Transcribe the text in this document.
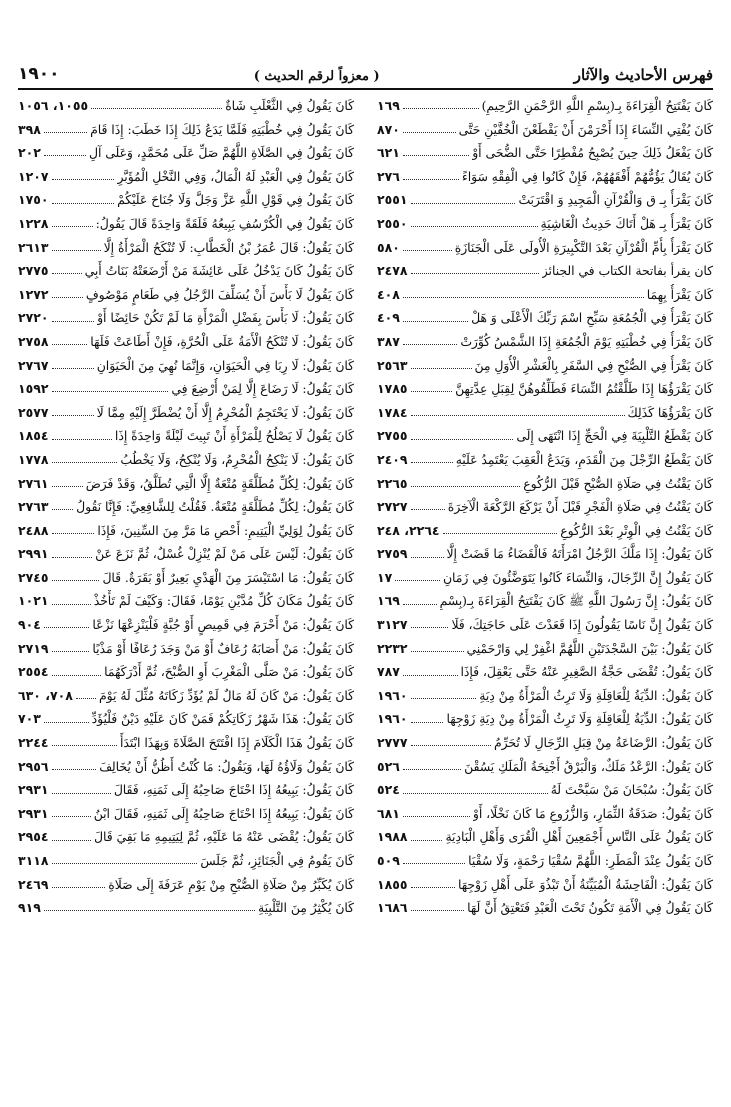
فهرس الأحاديث والآثار
( معزواً لرقم الحديث )
١٩٠٠
كَانَ يَفْتَتِحُ الْقِرَاءَةَ بِـ(بِسْمِ اللَّهِ الرَّحْمَنِ الرَّحِيمِ)
١٦٩
كَانَ يُفْتِي النِّسَاءَ إِذَا أَحْرَمْنَ أَنْ يَقْطَعْنَ الْخُفَّيْنِ حَتَّى
٨٧٠
كَانَ يَفْعَلُ ذَلِكَ حِينَ يُصْبِحُ مُفْطِرًا حَتَّى الضُّحَى أَوْ
٦٢١
كَانَ يُقَالُ يَؤُمُّهُمْ أَفْقَهُهُمْ، فَإِنْ كَانُوا فِي الْفِقْهِ سَوَاءً
٢٧٦
كَانَ يَقْرَأُ بِـ ق وَالْقُرْآنِ الْمَجِيدِ وَ اقْتَرَبَتْ
٢٥٥١
كَانَ يَقْرَأُ بِـ هَلْ أَتَاكَ حَدِيثُ الْغَاشِيَةِ
٢٥٥٠
كَانَ يَقْرَأُ بِأُمِّ الْقُرْآنِ بَعْدَ التَّكْبِيرَةِ الْأُولَى عَلَى الْجَنَازَةِ
٥٨٠
كان يقرأ بفاتحة الكتاب في الجنائز
٢٤٧٨
كَانَ يَقْرَأُ بِهِمَا
٤٠٨
كَانَ يَقْرَأُ فِي الْجُمُعَةِ سَبِّحِ اسْمَ رَبِّكَ الْأَعْلَى وَ هَلْ
٤٠٩
كَانَ يَقْرَأُ فِي خُطْبَتِهِ يَوْمَ الْجُمُعَةِ إِذَا الشَّمْسُ كُوِّرَتْ
٣٨٧
كَانَ يَقْرَأُ فِي الصُّبْحِ فِي السَّفَرِ بِالْعَشْرِ الْأُوَلِ مِنَ
٢٥٦٣
كَانَ يَقْرَؤُهَا إِذَا طَلَّقْتُمُ النِّسَاءَ فَطَلِّقُوهُنَّ لِقِبَلِ عِدَّتِهِنَّ
١٧٨٥
كَانَ يَقْرَؤُهَا كَذَلِكَ
١٧٨٤
كَانَ يَقْطَعُ التَّلْبِيَةَ فِي الْحَجِّ إِذَا انْتَهَى إِلَى
٢٧٥٥
كَانَ يَقْطَعُ الرِّجْلَ مِنَ الْقَدَمِ، وَيَدَعُ الْعَقِبَ يَعْتَمِدُ عَلَيْهِ
٢٤٠٩
كَانَ يَقْنُتُ فِي صَلَاةِ الصُّبْحِ قَبْلَ الرُّكُوعِ
٢٢٦٥
كَانَ يَقْنُتُ فِي صَلَاةِ الْفَجْرِ قَبْلَ أَنْ يَرْكَعَ الرَّكْعَةَ الْآخِرَةَ
٢٧٢٧
كَانَ يَقْنُتُ فِي الْوِتْرِ بَعْدَ الرُّكُوعِ
٢٢٦٤، ٢٤٨
كَانَ يَقُولُ: إِذَا مَلَّكَ الرَّجُلُ امْرَأَتَهُ فَالْقَضَاءُ مَا قَضَتْ إِلَّا
٢٧٥٩
كَانَ يَقُولُ إِنَّ الرِّجَالَ، وَالنِّسَاءَ كَانُوا يَتَوَضَّئُونَ فِي زَمَانِ
١٧
كَانَ يَقُولُ: إِنَّ رَسُولَ اللَّهِ ﷺ كَانَ يَفْتَتِحُ الْقِرَاءَةَ بِـ(بِسْمِ
١٦٩
كَانَ يَقُولُ إِنَّ نَاسًا يَقُولُونَ إِذَا قَعَدْتَ عَلَى حَاجَتِكَ، فَلَا
٣١٢٧
كَانَ يَقُولُ: بَيْنَ السَّجْدَتَيْنِ اللَّهُمَّ اغْفِرْ لِي وَارْحَمْنِي
٢٢٣٢
كَانَ يَقُولُ: تُقْضَى حَجَّةُ الصَّغِيرِ عَنْهُ حَتَّى يَعْقِلَ، فَإِذَا
٧٨٧
كَانَ يَقُولُ: الدِّيَةُ لِلْعَاقِلَةِ وَلَا تَرِثُ الْمَرْأَةُ مِنْ دِيَةِ
١٩٦٠
كَانَ يَقُولُ: الدِّيَةُ لِلْعَاقِلَةِ وَلَا تَرِثُ الْمَرْأَةُ مِنْ دِيَةِ زَوْجِهَا
١٩٦٠
كَانَ يَقُولُ: الرَّضَاعَةُ مِنْ قِبَلِ الرِّجَالِ لَا تُحَرِّمُ
٢٧٧٧
كَانَ يَقُولُ: الرَّعْدُ مَلَكٌ، وَالْبَرْقُ أَجْنِحَةُ الْمَلَكِ يَسُقْنَ
٥٢٦
كَانَ يَقُولُ: سُبْحَانَ مَنْ سَبَّحْتَ لَهُ
٥٢٤
كَانَ يَقُولُ: صَدَقَةُ الثِّمَارِ، وَالزُّرُوعِ مَا كَانَ نَخْلًا، أَوْ
٦٨١
كَانَ يَقُولُ عَلَى النَّاسِ أَجْمَعِينَ أَهْلِ الْقُرَى وَأَهْلِ الْبَادِيَةِ
١٩٨٨
كَانَ يَقُولُ عِنْدَ الْمَطَرِ: اللَّهُمَّ سُقْيَا رَحْمَةٍ، وَلَا سُقْيَا
٥٠٩
كَانَ يَقُولُ: الْفَاحِشَةُ الْمُبَيِّنَةُ أَنْ تَبْذُوَ عَلَى أَهْلِ زَوْجِهَا
١٨٥٥
كَانَ يَقُولُ فِي الْأَمَةِ تَكُونُ تَحْتَ الْعَبْدِ فَتَعْتِقُ أَنَّ لَهَا
١٦٨٦
كَانَ يَقُولُ فِي الثَّعْلَبِ شَاةٌ
١٠٥٥، ١٠٥٦
كَانَ يَقُولُ فِي خُطْبَتِهِ فَلَمَّا يَدَعُ ذَلِكَ إِذَا خَطَبَ: إِذَا قَامَ
٣٩٨
كَانَ يَقُولُ فِي الصَّلَاةِ اللَّهُمَّ صَلِّ عَلَى مُحَمَّدٍ، وَعَلَى آلِ
٢٠٢
كَانَ يَقُولُ فِي الْعَبْدِ لَهُ الْمَالُ، وَفِي النَّخْلِ الْمُؤَبَّرِ
١٢٠٧
كَانَ يَقُولُ فِي قَوْلِ اللَّهِ عَزَّ وَجَلَّ وَلَا جُنَاحَ عَلَيْكُمْ
١٧٥٠
كَانَ يَقُولُ فِي الْكُرْسُفِ يَبِيعُهُ فَلَقَةً وَاحِدَةً قَالَ يَقُولُ:
١٢٢٨
كَانَ يَقُولُ: قَالَ عُمَرُ بْنُ الْخَطَّابِ: لَا تُنْكَحُ الْمَرْأَةُ إِلَّا
٢٦١٣
كَانَ يَقُولُ كَانَ يَدْخُلُ عَلَى عَائِشَةَ مَنْ أَرْضَعَتْهُ بَنَاتُ أَبِي
٢٧٧٥
كَانَ يَقُولُ لَا بَأْسَ أَنْ يُسَلِّفَ الرَّجُلُ فِي طَعَامٍ مَوْصُوفٍ
١٢٧٢
كَانَ يَقُولُ: لَا بَأْسَ بِفَضْلِ الْمَرْأَةِ مَا لَمْ تَكُنْ حَائِضًا أَوْ
٢٧٢٠
كَانَ يَقُولُ: لَا تُنْكَحُ الْأَمَةُ عَلَى الْحُرَّةِ، فَإِنْ أَطَاعَتْ فَلَهَا
٢٧٥٨
كَانَ يَقُولُ: لَا رِبَا فِي الْحَيَوَانِ، وَإِنَّمَا نُهِيَ مِنَ الْحَيَوَانِ
٢٧٦٧
كَانَ يَقُولُ: لَا رَضَاعَ إِلَّا لِمَنْ أُرْضِعَ فِي
١٥٩٢
كَانَ يَقُولُ: لَا يَحْتَجِمُ الْمُحْرِمُ إِلَّا أَنْ يُضْطَرَّ إِلَيْهِ مِمَّا لَا
٢٥٧٧
كَانَ يَقُولُ لَا يَصْلُحُ لِلْمَرْأَةِ أَنْ تَبِيتَ لَيْلَةً وَاحِدَةً إِذَا
١٨٥٤
كَانَ يَقُولُ: لَا يَنْكِحُ الْمُحْرِمُ، وَلَا يُنْكِحُ، وَلَا يَخْطُبُ
١٧٧٨
كَانَ يَقُولُ: لِكُلِّ مُطَلَّقَةٍ مُتْعَةٌ إِلَّا الَّتِي تُطَلَّقُ، وَقَدْ فَرَضَ
٢٧٦١
كَانَ يَقُولُ: لِكُلِّ مُطَلَّقَةٍ مُتْعَةٌ. فَقُلْتُ لِلشَّافِعِيِّ: فَإِنَّا نَقُولُ
٢٧٦٣
كَانَ يَقُولُ لِوَلِيِّ الْيَتِيمِ: أَحْصِ مَا مَرَّ مِنَ السِّنِينَ، فَإِذَا
٢٤٨٨
كَانَ يَقُولُ: لَيْسَ عَلَى مَنْ لَمْ يُنْزِلْ غُسْلٌ، ثُمَّ نَزَعَ عَنْ
٢٩٩١
كَانَ يَقُولُ: مَا اسْتَيْسَرَ مِنَ الْهَدْيِ بَعِيرٌ أَوْ بَقَرَةٌ. قَالَ
٢٧٤٥
كَانَ يَقُولُ مَكَانَ كُلِّ مُدَّيْنِ يَوْمًا، فَقَالَ: وَكَيْفَ لَمْ تَأْخُذْ
١٠٢١
كَانَ يَقُولُ: مَنْ أَحْرَمَ فِي قَمِيصٍ أَوْ جُبَّةٍ فَلْيَنْزِعْهَا نَزْعًا
٩٠٤
كَانَ يَقُولُ: مَنْ أَصَابَهُ رُعَافٌ أَوْ مَنْ وَجَدَ رُعَافًا أَوْ مَذْيًا
٢٧١٩
كَانَ يَقُولُ: مَنْ صَلَّى الْمَغْرِبَ أَوِ الصُّبْحَ، ثُمَّ أَدْرَكَهُمَا
٢٥٥٤
كَانَ يَقُولُ: مَنْ كَانَ لَهُ مَالٌ لَمْ يُؤَدِّ زَكَاتَهُ مُثِّلَ لَهُ يَوْمَ
٧٠٨، ٦٣٠
كَانَ يَقُولُ: هَذَا شَهْرُ زَكَاتِكُمْ فَمَنْ كَانَ عَلَيْهِ دَيْنٌ فَلْيُؤَدِّ
٧٠٣
كَانَ يَقُولُ هَذَا الْكَلَامَ إِذَا افْتَتَحَ الصَّلَاةَ وَبِهَذَا ابْتَدَأَ
٢٢٤٤
كَانَ يَقُولُ وَلَاؤُهُ لَهَا، وَيَقُولُ: مَا كُنْتُ أَظُنُّ أَنْ يُخَالِفَ
٢٩٥٦
كَانَ يَقُولُ: يَبِيعُهُ إِذَا احْتَاجَ صَاحِبُهُ إِلَى ثَمَنِهِ، فَقَالَ
٢٩٣١
كَانَ يَقُولُ: يَبِيعُهُ إِذَا احْتَاجَ صَاحِبُهُ إِلَى ثَمَنِهِ، فَقَالَ ابْنُ
٢٩٣١
كَانَ يَقُولُ: يُقْضَى عَنْهُ مَا عَلَيْهِ، ثُمَّ لِيَتِيمِهِ مَا بَقِيَ قَالَ
٢٩٥٤
كَانَ يَقُومُ فِي الْجَنَائِزِ، ثُمَّ جَلَسَ
٣١١٨
كَانَ يُكَبِّرُ مِنْ صَلَاةِ الصُّبْحِ مِنْ يَوْمِ عَرَفَةَ إِلَى صَلَاةِ
٢٤٦٩
كَانَ يُكْثِرُ مِنَ التَّلْبِيَةِ
٩١٩
